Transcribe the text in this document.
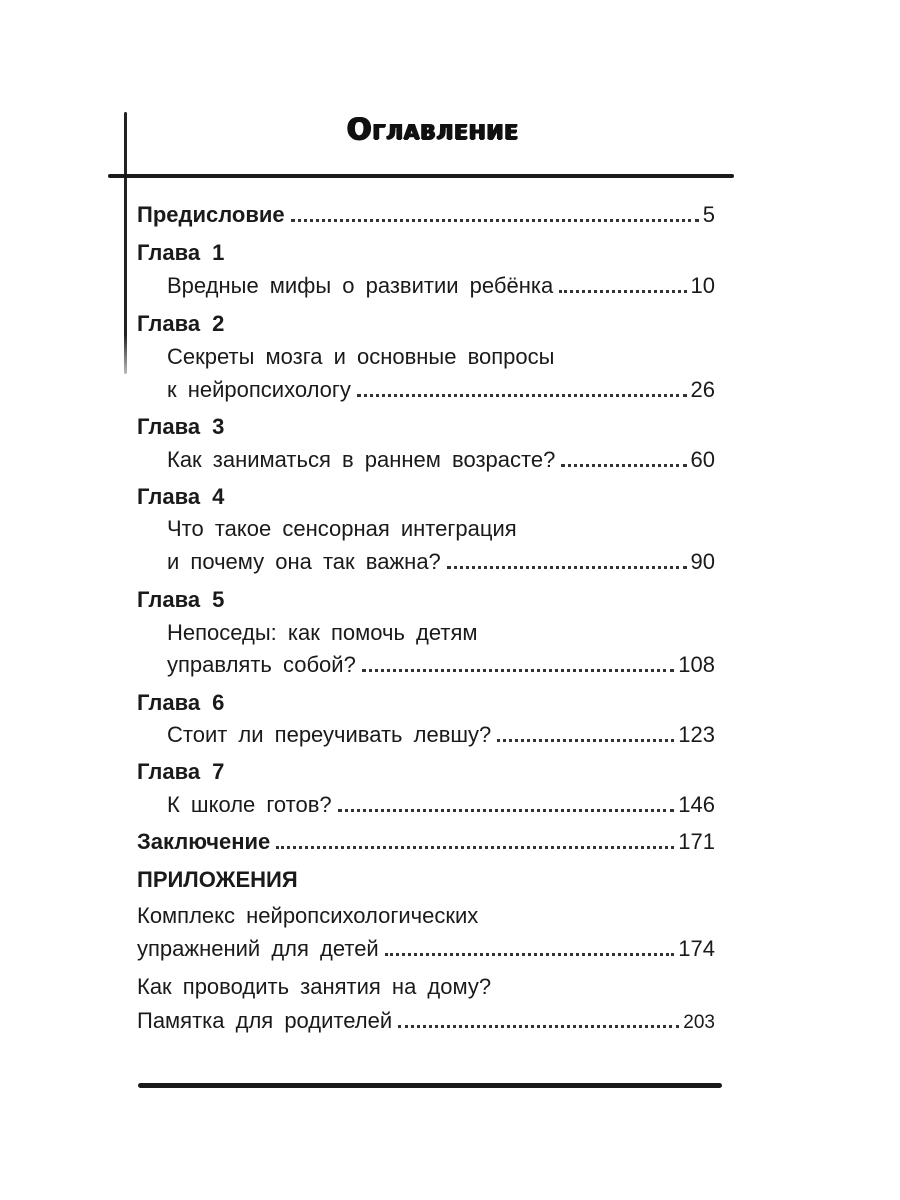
Оглавление
Предисловие	5
Глава 1
Вредные мифы о развитии ребёнка	10
Глава 2
Секреты мозга и основные вопросы
к нейропсихологу	26
Глава 3
Как заниматься в раннем возрасте?	60
Глава 4
Что такое сенсорная интеграция
и почему она так важна?	90
Глава 5
Непоседы: как помочь детям
управлять собой?	108
Глава 6
Стоит ли переучивать левшу?	123
Глава 7
К школе готов?	146
Заключение	171
ПРИЛОЖЕНИЯ
Комплекс нейропсихологических
упражнений для детей	174
Как проводить занятия на дому?
Памятка для родителей	203
